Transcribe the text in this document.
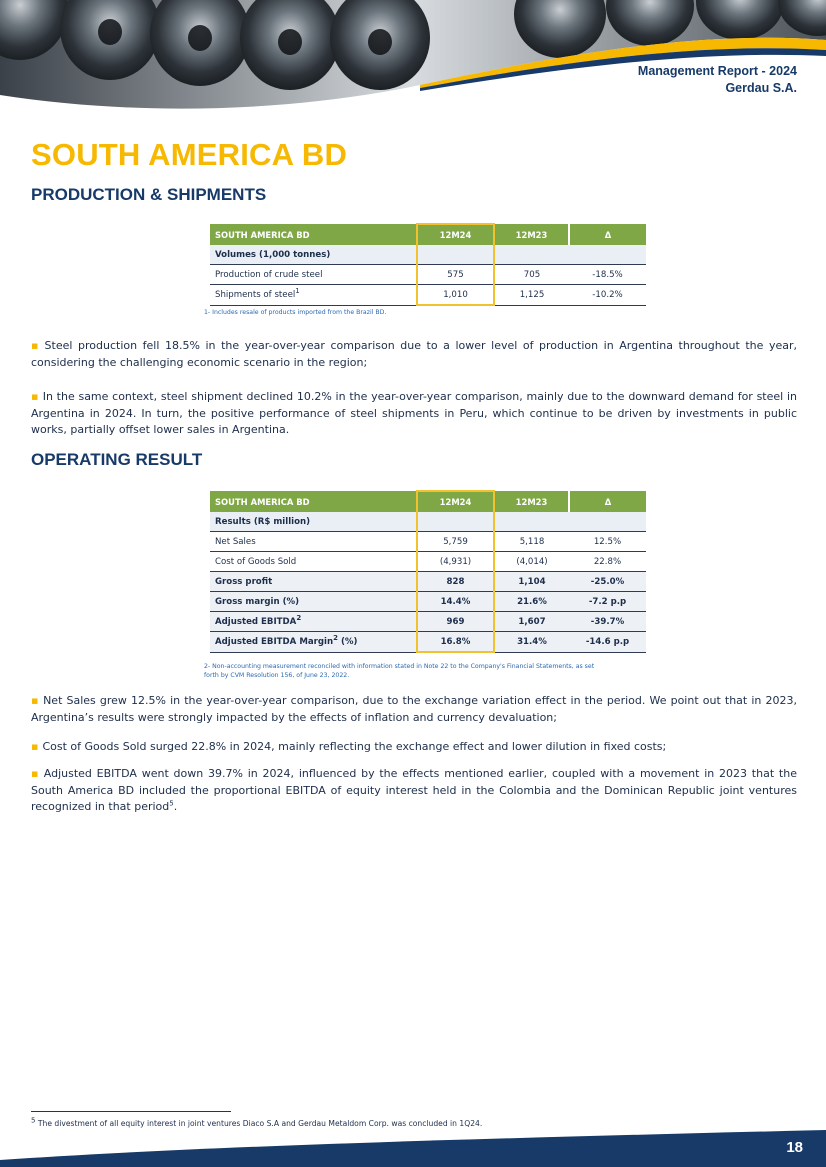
Management Report - 2024
Gerdau S.A.
SOUTH AMERICA BD
PRODUCTION & SHIPMENTS
SOUTH AMERICA BD	12M24	12M23	Δ
Volumes (1,000 tonnes)			
Production of crude steel	575	705	-18.5%
Shipments of steel$^1$	1,010	1,125	-10.2%
1- Includes resale of products imported from the Brazil BD.

▪ Steel production fell 18.5% in the year-over-year comparison due to a lower level of production in Argentina throughout the year, considering the challenging economic scenario in the region;

▪ In the same context, steel shipment declined 10.2% in the year-over-year comparison, mainly due to the downward demand for steel in Argentina in 2024. In turn, the positive performance of steel shipments in Peru, which continue to be driven by investments in public works, partially offset lower sales in Argentina.

OPERATING RESULT
SOUTH AMERICA BD	12M24	12M23	Δ
Results (R$ million)			
Net Sales	5,759	5,118	12.5%
Cost of Goods Sold	(4,931)	(4,014)	22.8%
Gross profit	828	1,104	-25.0%
Gross margin (%)	14.4%	21.6%	-7.2 p.p
Adjusted EBITDA$^2$	969	1,607	-39.7%
Adjusted EBITDA Margin$^2$ (%)	16.8%	31.4%	-14.6 p.p
2- Non-accounting measurement reconciled with information stated in Note 22 to the Company's Financial Statements, as set
forth by CVM Resolution 156, of June 23, 2022.

▪ Net Sales grew 12.5% in the year-over-year comparison, due to the exchange variation effect in the period. We point out that in 2023, Argentina’s results were strongly impacted by the effects of inflation and currency devaluation;

▪ Cost of Goods Sold surged 22.8% in 2024, mainly reflecting the exchange effect and lower dilution in fixed costs;

▪ Adjusted EBITDA went down 39.7% in 2024, influenced by the effects mentioned earlier, coupled with a movement in 2023 that the South America BD included the proportional EBITDA of equity interest held in the Colombia and the Dominican Republic joint ventures recognized in that period$^5$.

$^5$ The divestment of all equity interest in joint ventures Diaco S.A and Gerdau Metaldom Corp. was concluded in 1Q24.
18
